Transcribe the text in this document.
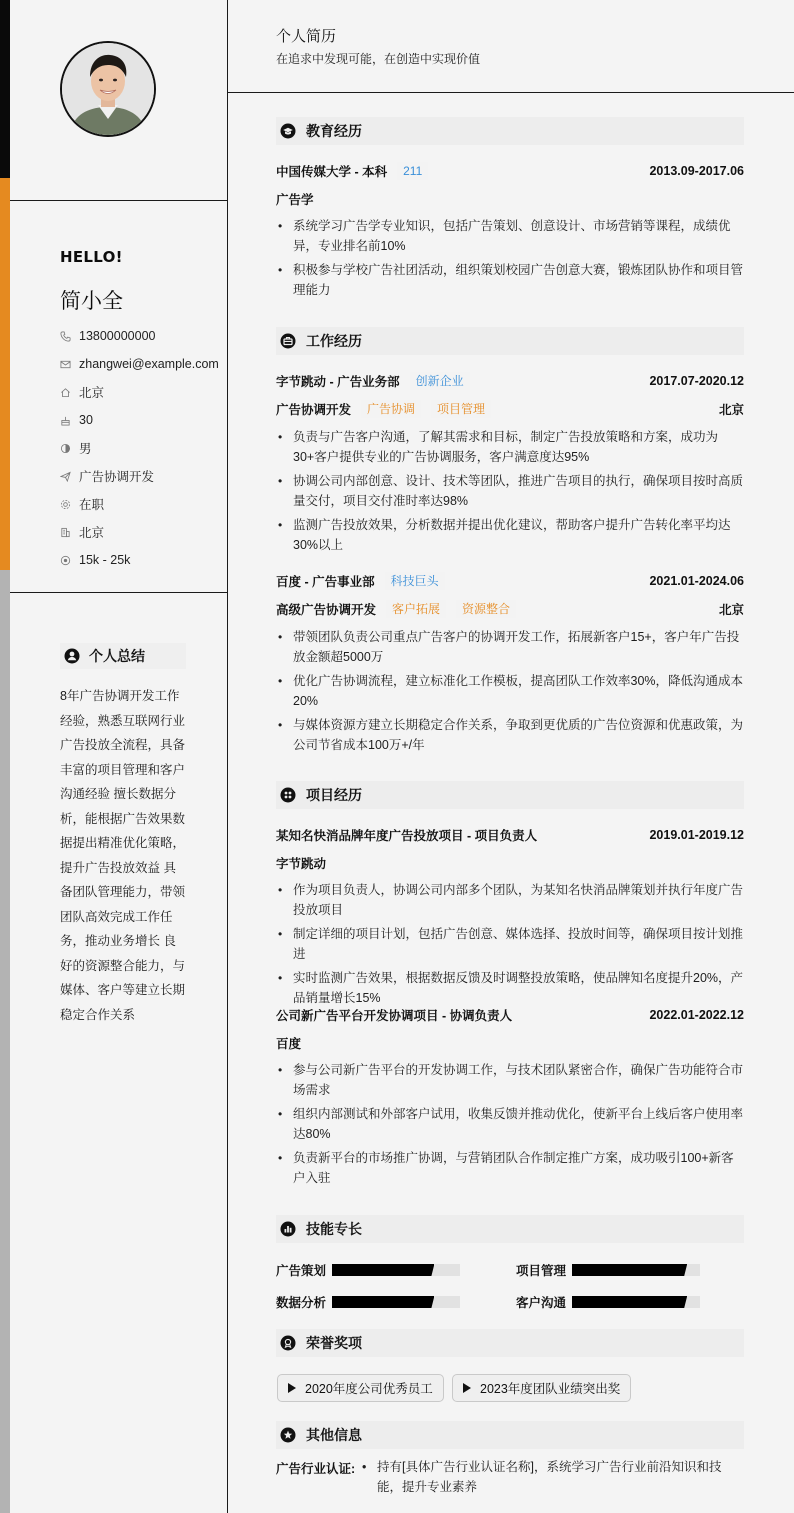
HELLO!
简小全
13800000000
zhangwei@example.com
北京
30
男
广告协调开发
在职
北京
15k - 25k
个人总结
8年广告协调开发工作经验，熟悉互联网行业广告投放全流程，具备丰富的项目管理和客户沟通经验 擅长数据分析，能根据广告效果数据提出精准优化策略，提升广告投放效益 具备团队管理能力，带领团队高效完成工作任务，推动业务增长 良好的资源整合能力，与媒体、客户等建立长期稳定合作关系
个人简历
在追求中发现可能，在创造中实现价值
教育经历
中国传媒大学 - 本科	211	2013.09-2017.06
广告学
• 系统学习广告学专业知识，包括广告策划、创意设计、市场营销等课程，成绩优异，专业排名前10%
• 积极参与学校广告社团活动，组织策划校园广告创意大赛，锻炼团队协作和项目管理能力
工作经历
字节跳动 - 广告业务部	创新企业	2017.07-2020.12
广告协调开发	广告协调	项目管理	北京
• 负责与广告客户沟通，了解其需求和目标，制定广告投放策略和方案，成功为30+客户提供专业的广告协调服务，客户满意度达95%
• 协调公司内部创意、设计、技术等团队，推进广告项目的执行，确保项目按时高质量交付，项目交付准时率达98%
• 监测广告投放效果，分析数据并提出优化建议，帮助客户提升广告转化率平均达30%以上
百度 - 广告事业部	科技巨头	2021.01-2024.06
高级广告协调开发	客户拓展	资源整合	北京
• 带领团队负责公司重点广告客户的协调开发工作，拓展新客户15+，客户年广告投放金额超5000万
• 优化广告协调流程，建立标准化工作模板，提高团队工作效率30%，降低沟通成本20%
• 与媒体资源方建立长期稳定合作关系，争取到更优质的广告位资源和优惠政策，为公司节省成本100万+/年
项目经历
某知名快消品牌年度广告投放项目 - 项目负责人	2019.01-2019.12
字节跳动
• 作为项目负责人，协调公司内部多个团队，为某知名快消品牌策划并执行年度广告投放项目
• 制定详细的项目计划，包括广告创意、媒体选择、投放时间等，确保项目按计划推进
• 实时监测广告效果，根据数据反馈及时调整投放策略，使品牌知名度提升20%，产品销量增长15%
公司新广告平台开发协调项目 - 协调负责人	2022.01-2022.12
百度
• 参与公司新广告平台的开发协调工作，与技术团队紧密合作，确保广告功能符合市场需求
• 组织内部测试和外部客户试用，收集反馈并推动优化，使新平台上线后客户使用率达80%
• 负责新平台的市场推广协调，与营销团队合作制定推广方案，成功吸引100+新客户入驻
技能专长
广告策划	项目管理
数据分析	客户沟通
荣誉奖项
2020年度公司优秀员工	2023年度团队业绩突出奖
其他信息
广告行业认证:
•	持有[具体广告行业认证名称]，系统学习广告行业前沿知识和技能，提升专业素养
